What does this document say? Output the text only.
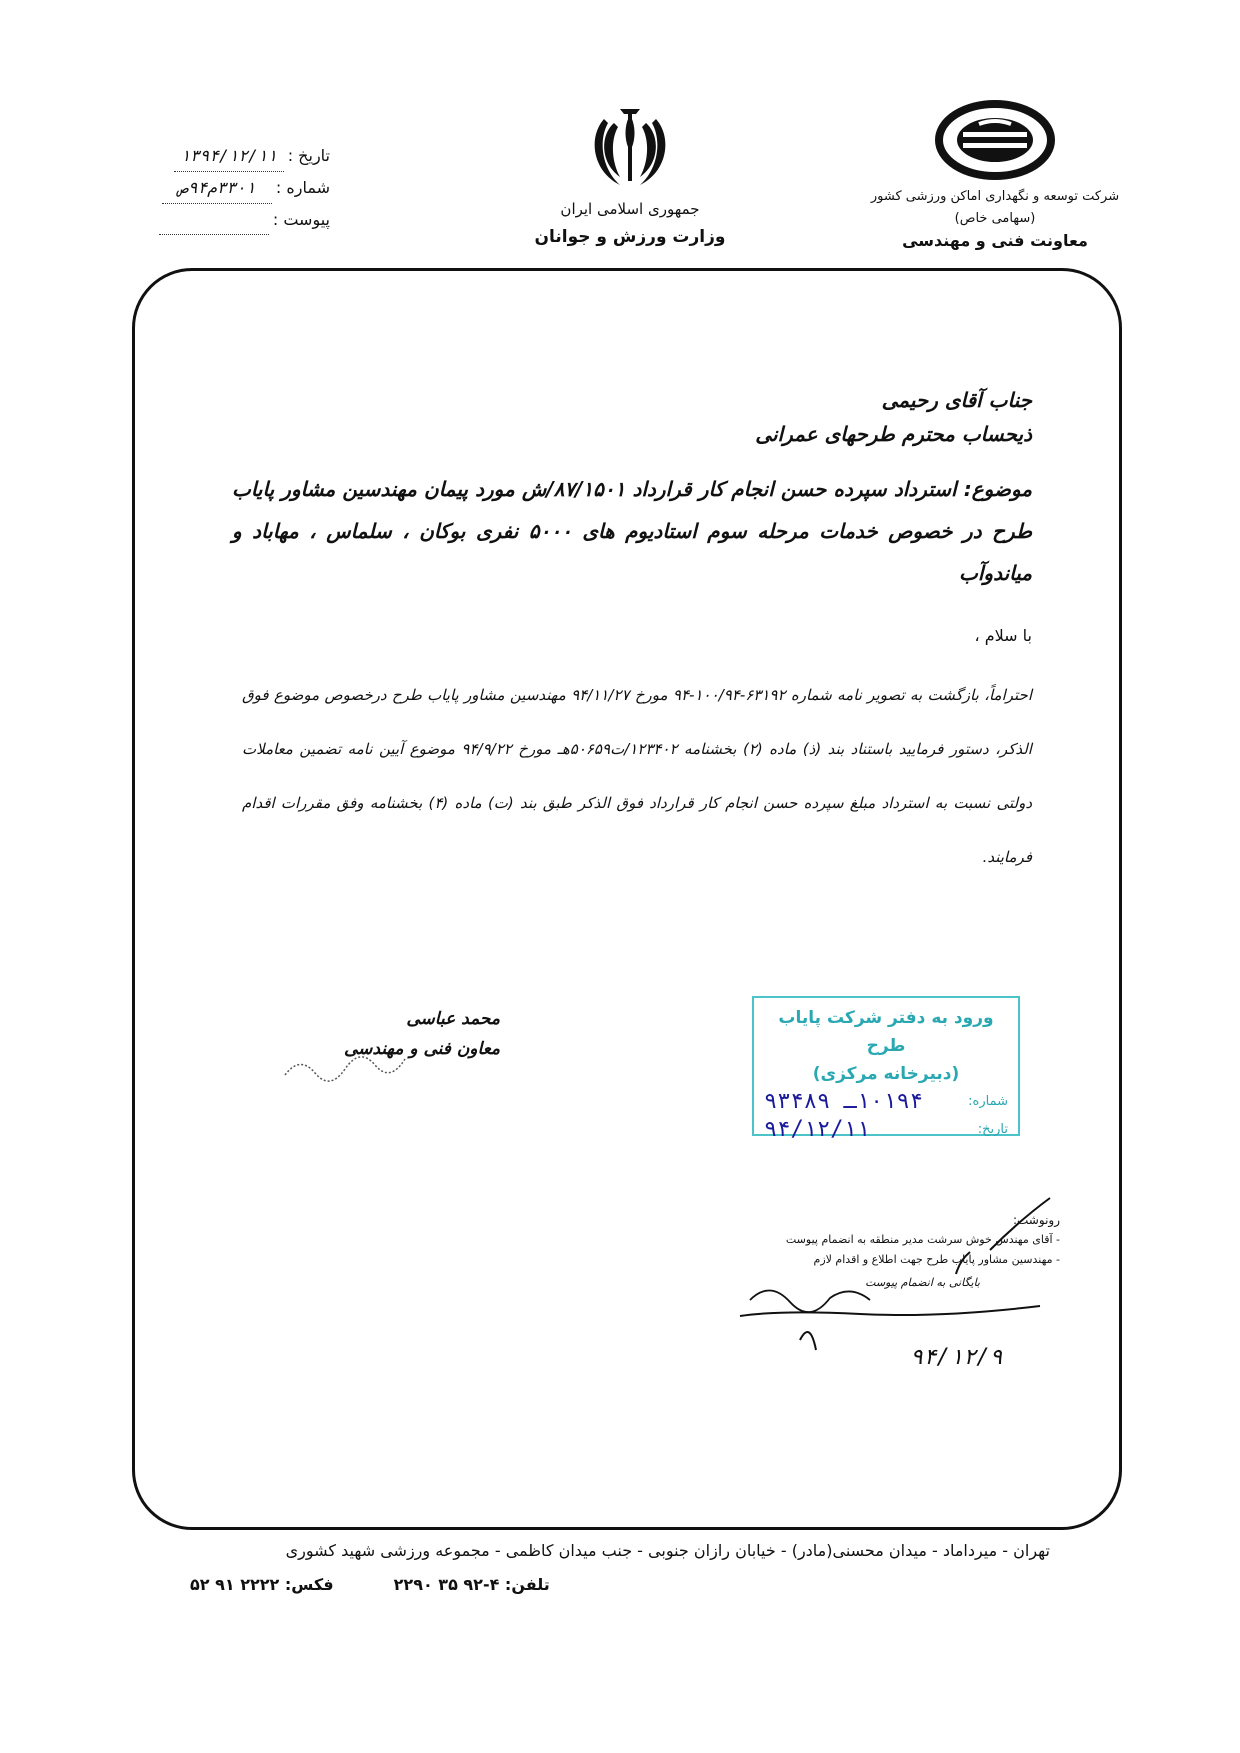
تاریخ :
۱۳۹۴/۱۲/۱۱
شماره :
۳۳۰۱م۹۴ص
پیوست :
جمهوری اسلامی ایران
وزارت ورزش و جوانان
شرکت توسعه و نگهداری اماکن ورزشی کشور
(سهامی خاص)
معاونت فنی و مهندسی
جناب آقای رحیمی
ذیحساب محترم طرحهای عمرانی
موضوع: استرداد سپرده حسن انجام کار قرارداد ۸۷/۱۵۰۱/ش مورد پیمان مهندسین مشاور پایاب طرح در خصوص خدمات مرحله سوم استادیوم های ۵۰۰۰ نفری بوکان ، سلماس ، مهاباد و میاندوآب
با سلام ،
احتراماً، بازگشت به تصویر نامه شماره ۶۳۱۹۲-۱۰۰/۹۴-۹۴ مورخ ۹۴/۱۱/۲۷ مهندسین مشاور پایاب طرح درخصوص موضوع فوق الذکر، دستور فرمایید باستناد بند (ذ) ماده (۲) بخشنامه ۱۲۳۴۰۲/ت۵۰۶۵۹هـ مورخ ۹۴/۹/۲۲ موضوع آیین نامه تضمین معاملات دولتی نسبت به استرداد مبلغ سپرده حسن انجام کار قرارداد فوق الذکر طبق بند (ت) ماده (۴) بخشنامه وفق مقررات اقدام فرمایند.
محمد عباسی
معاون فنی و مهندسی
ورود به دفتر شرکت پایاب طرح
(دبیرخانه مرکزی)
شماره:
۱۰۱۹۴ـ ۹۳۴۸۹
تاریخ:
۹۴/۱۲/۱۱
رونوشت:
- آقای مهندس خوش سرشت مدیر منطقه به انضمام پیوست
- مهندسین مشاور پایاب طرح جهت اطلاع و اقدام لازم
بایگانی به انضمام پیوست
۹۴/۱۲/۹
تهران - میرداماد - میدان محسنی(مادر) - خیابان رازان جنوبی - جنب میدان کاظمی - مجموعه ورزشی شهید کشوری
تلفن: ۴-۹۲ ۳۵ ۲۲۹۰
فکس: ۲۲۲۲ ۹۱ ۵۲
